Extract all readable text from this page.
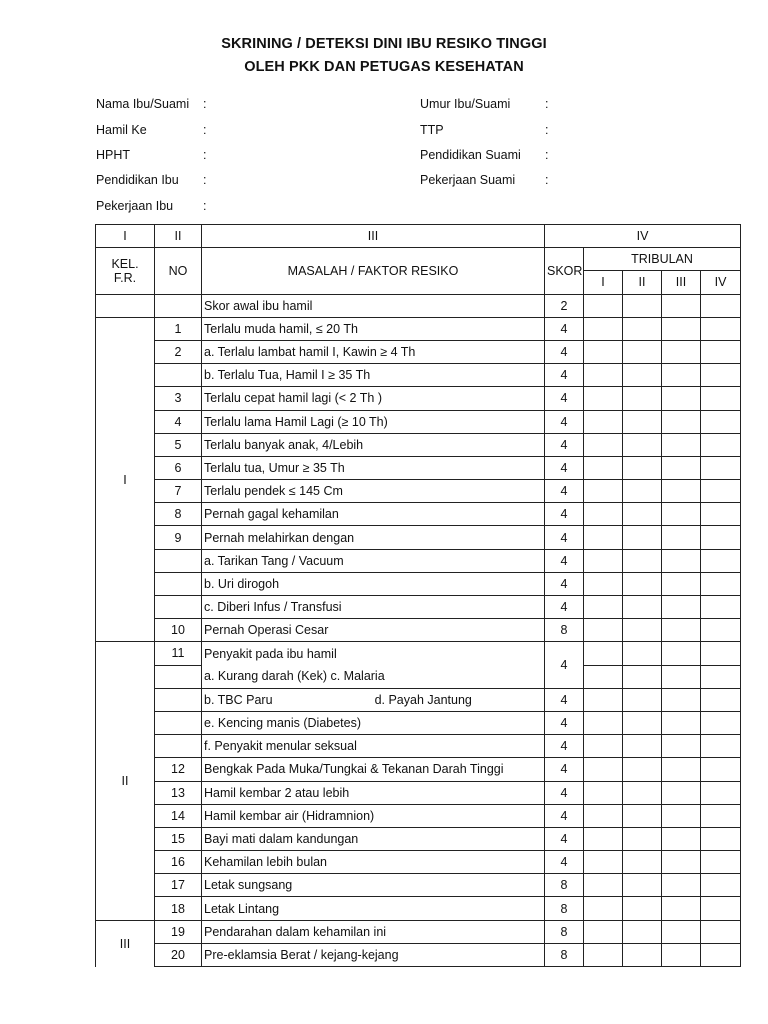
SKRINING / DETEKSI DINI IBU RESIKO TINGGI
OLEH PKK DAN PETUGAS KESEHATAN
Nama Ibu/Suami :
Hamil Ke	:
HPHT	:
Pendidikan Ibu :
Pekerjaan Ibu :
Umur Ibu/Suami	:
TTP	:
Pendidikan Suami :
Pekerjaan Suami :
I	II	III	IV				
KEL.
F.R.	NO	MASALAH / FAKTOR RESIKO	SKOR	TRIBULAN			
				I	II	III	IV
		Skor awal ibu hamil	2				
I	1	Terlalu muda hamil, ≤ 20 Th	4				
	2	a. Terlalu lambat hamil I, Kawin ≥ 4 Th	4				
		b. Terlalu Tua, Hamil I ≥ 35 Th	4				
	3	Terlalu cepat hamil lagi (< 2 Th )	4				
	4	Terlalu lama Hamil Lagi (≥ 10 Th)	4				
	5	Terlalu banyak anak, 4/Lebih	4				
	6	Terlalu tua, Umur ≥ 35 Th	4				
	7	Terlalu pendek ≤ 145 Cm	4				
	8	Pernah gagal kehamilan	4				
	9	Pernah melahirkan dengan	4				
		a. Tarikan Tang / Vacuum	4				
		b. Uri dirogoh	4				
		c. Diberi Infus / Transfusi	4				
	10	Pernah Operasi Cesar	8				
II	11	Penyakit pada ibu hamil	4				
		a. Kurang darah (Kek) c. Malaria					
		b. TBC Paru d. Payah Jantung	4				
		e. Kencing manis (Diabetes)	4				
		f. Penyakit menular seksual	4				
	12	Bengkak Pada Muka/Tungkai & Tekanan Darah Tinggi	4				
	13	Hamil kembar 2 atau lebih	4				
	14	Hamil kembar air (Hidramnion)	4				
	15	Bayi mati dalam kandungan	4				
	16	Kehamilan lebih bulan	4				
	17	Letak sungsang	8				
	18	Letak Lintang	8				
III	19	Pendarahan dalam kehamilan ini	8				
	20	Pre-eklamsia Berat / kejang-kejang	8				
